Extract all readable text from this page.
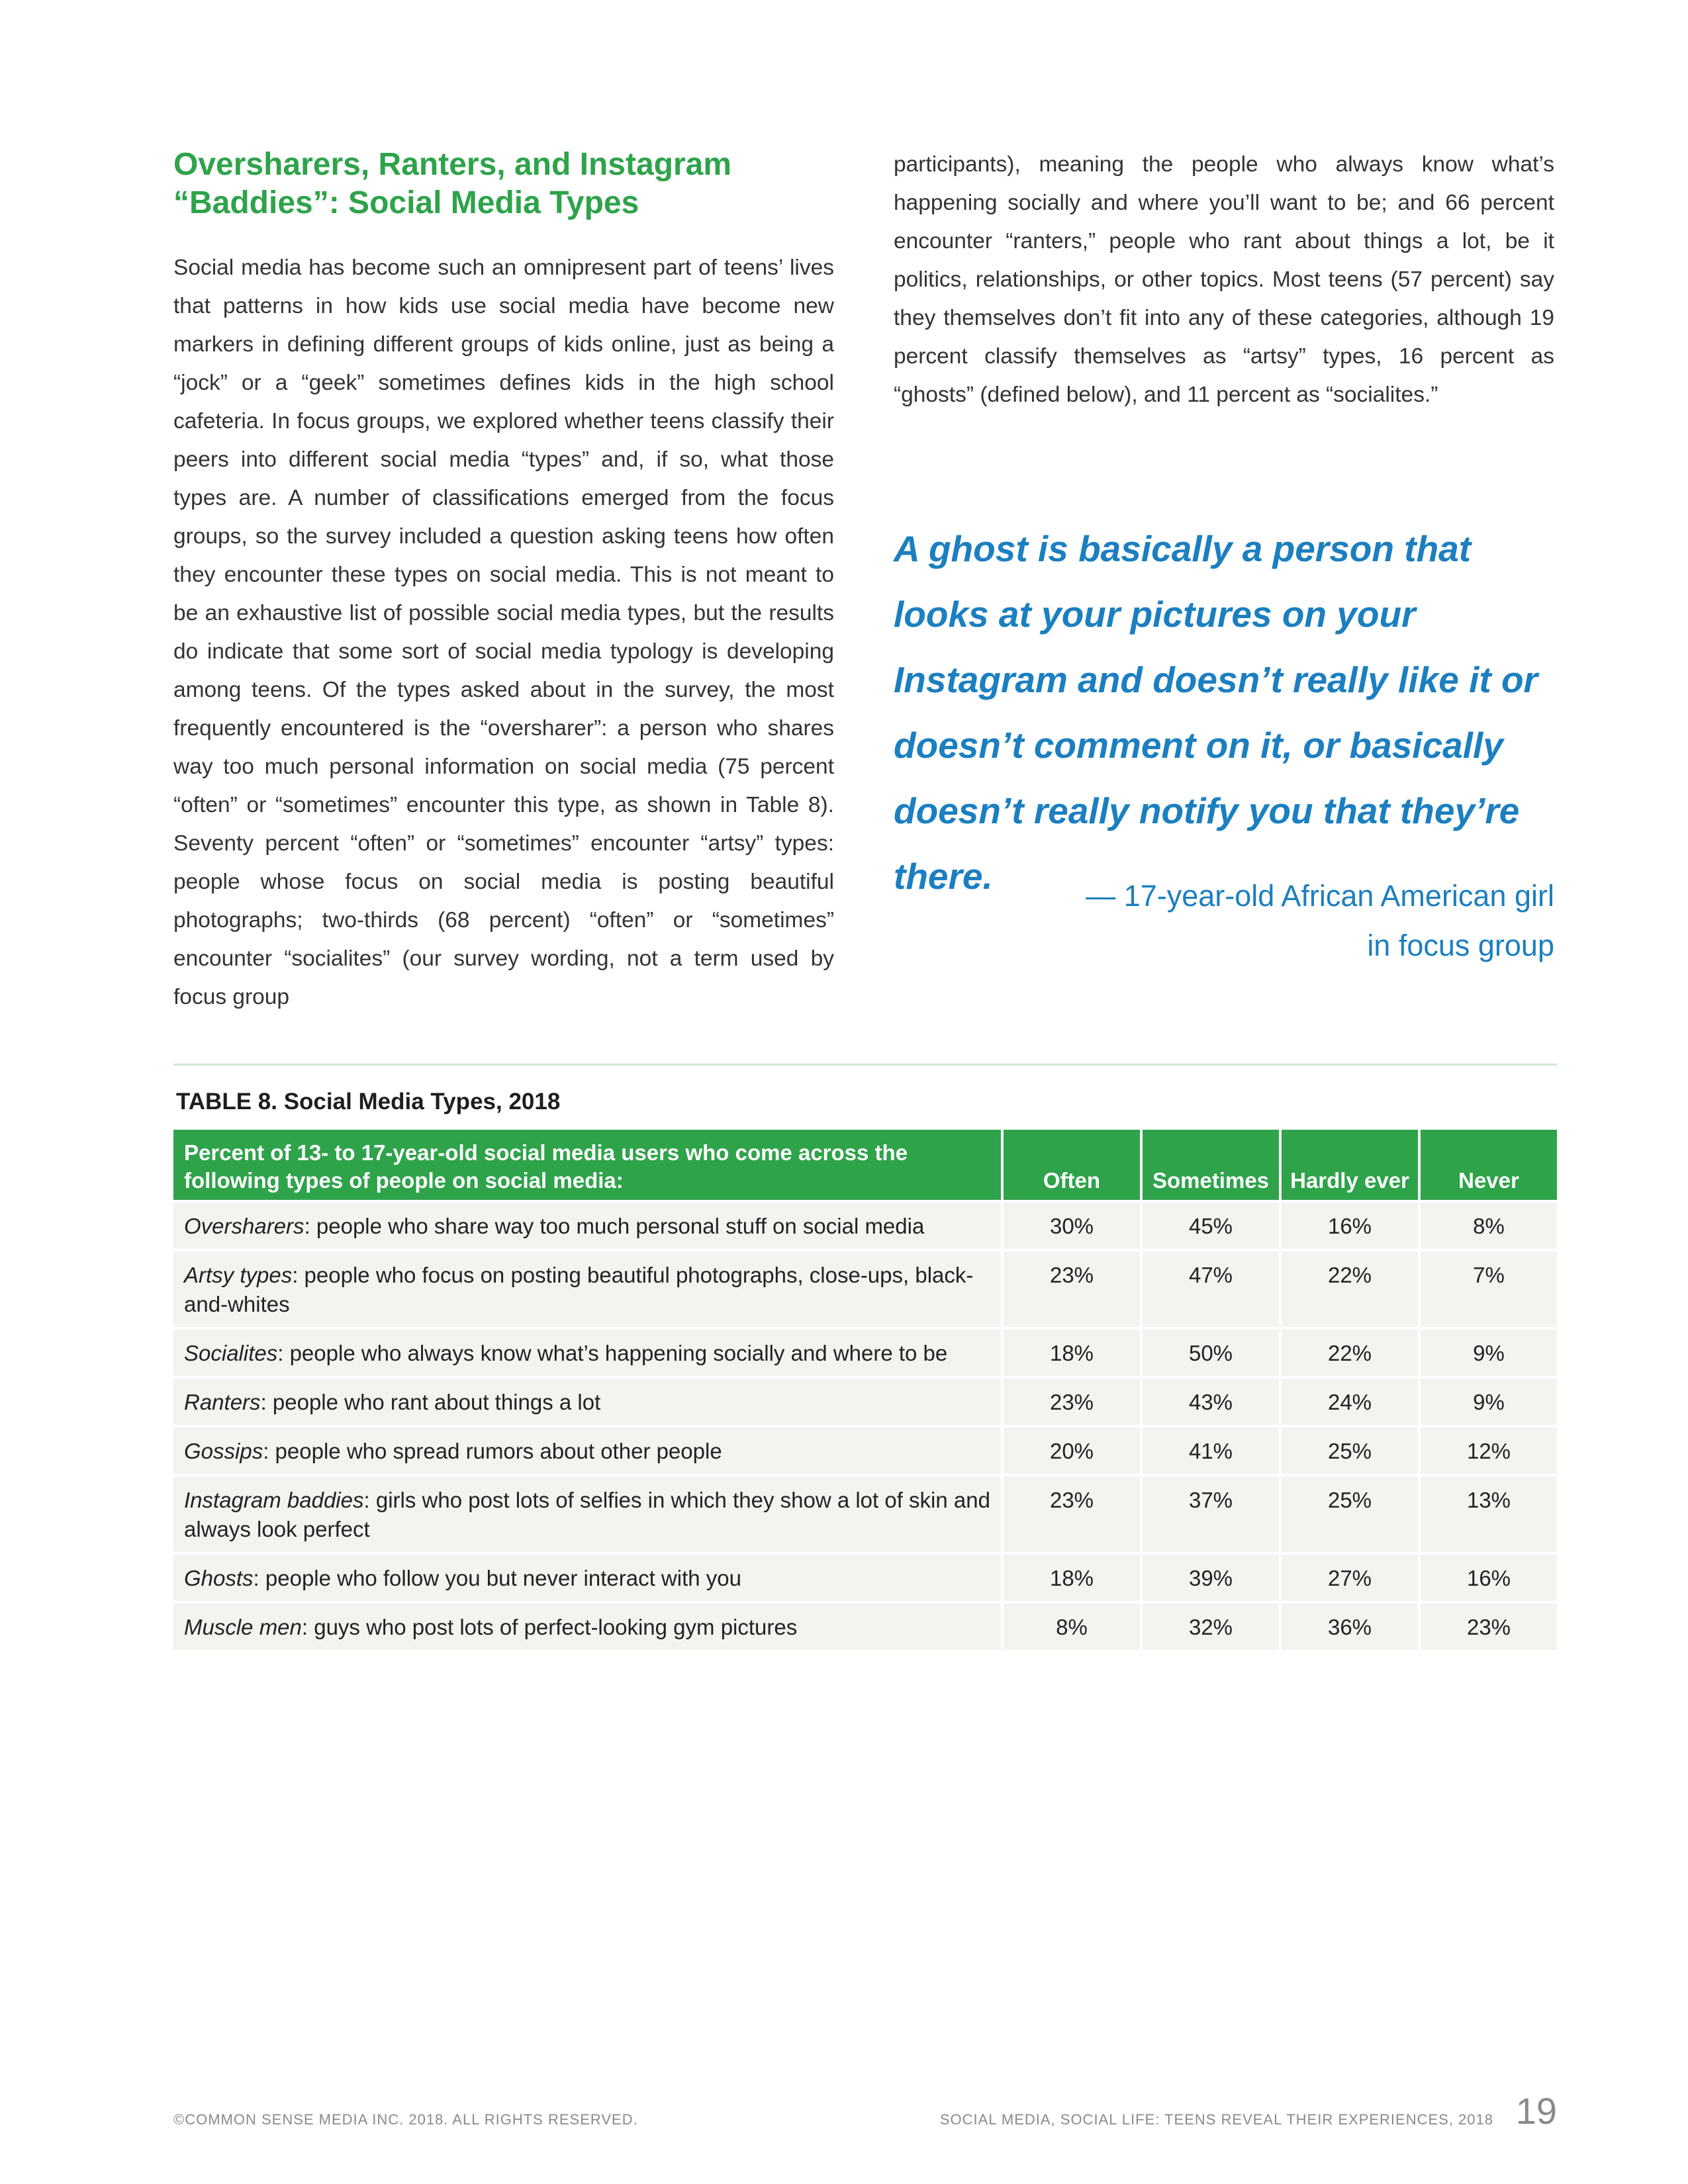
Oversharers, Ranters, and Instagram “Baddies”: Social Media Types

Social media has become such an omnipresent part of teens’ lives that patterns in how kids use social media have become new markers in defining different groups of kids online, just as being a “jock” or a “geek” sometimes defines kids in the high school cafeteria. In focus groups, we explored whether teens classify their peers into different social media “types” and, if so, what those types are. A number of classifications emerged from the focus groups, so the survey included a question asking teens how often they encounter these types on social media. This is not meant to be an exhaustive list of possible social media types, but the results do indicate that some sort of social media typology is developing among teens. Of the types asked about in the survey, the most frequently encountered is the “oversharer”: a person who shares way too much personal information on social media (75 percent “often” or “sometimes” encounter this type, as shown in Table 8). Seventy percent “often” or “sometimes” encounter “artsy” types: people whose focus on social media is posting beautiful photographs; two-thirds (68 percent) “often” or “sometimes” encounter “socialites” (our survey wording, not a term used by focus group

participants), meaning the people who always know what’s happening socially and where you’ll want to be; and 66 percent encounter “ranters,” people who rant about things a lot, be it politics, relationships, or other topics. Most teens (57 percent) say they themselves don’t fit into any of these categories, although 19 percent classify themselves as “artsy” types, 16 percent as “ghosts” (defined below), and 11 percent as “socialites.”

A ghost is basically a person that looks at your pictures on your Instagram and doesn’t really like it or doesn’t comment on it, or basically doesn’t really notify you that they’re there.	— 17-year-old African American girl
in focus group
TABLE 8. Social Media Types, 2018
Percent of 13- to 17-year-old social media users who come across the following types of people on social media:	Often	Sometimes	Hardly ever	Never
Oversharers: people who share way too much personal stuff on social media	30%	45%	16%	8%
Artsy types: people who focus on posting beautiful photographs, close-ups, black-and-whites	23%	47%	22%	7%
Socialites: people who always know what’s happening socially and where to be	18%	50%	22%	9%
Ranters: people who rant about things a lot	23%	43%	24%	9%
Gossips: people who spread rumors about other people	20%	41%	25%	12%
Instagram baddies: girls who post lots of selfies in which they show a lot of skin and always look perfect	23%	37%	25%	13%
Ghosts: people who follow you but never interact with you	18%	39%	27%	16%
Muscle men: guys who post lots of perfect-looking gym pictures	8%	32%	36%	23%
©COMMON SENSE MEDIA INC. 2018. ALL RIGHTS RESERVED.	SOCIAL MEDIA, SOCIAL LIFE: TEENS REVEAL THEIR EXPERIENCES, 2018 19
